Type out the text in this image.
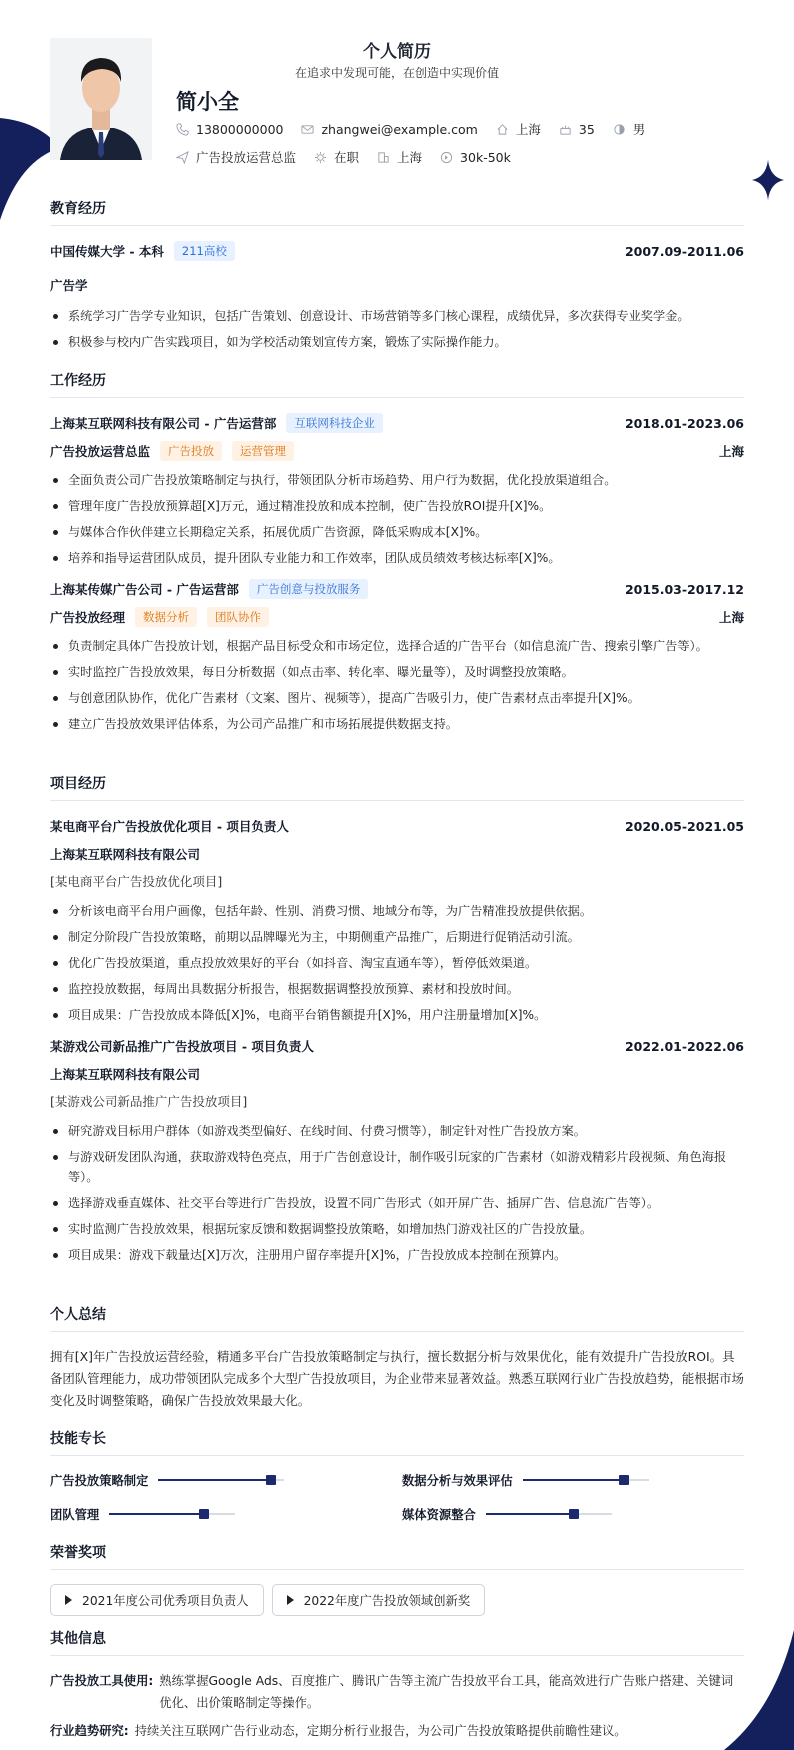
个人简历
在追求中发现可能，在创造中实现价值
简小全
13800000000	zhangwei@example.com	上海	35	男
广告投放运营总监	在职	上海	30k-50k
教育经历
中国传媒大学 - 本科	211高校	2007.09-2011.06
广告学
系统学习广告学专业知识，包括广告策划、创意设计、市场营销等多门核心课程，成绩优异，多次获得专业奖学金。
积极参与校内广告实践项目，如为学校活动策划宣传方案，锻炼了实际操作能力。
工作经历
上海某互联网科技有限公司 - 广告运营部	互联网科技企业	2018.01-2023.06
广告投放运营总监	广告投放	运营管理	上海
全面负责公司广告投放策略制定与执行，带领团队分析市场趋势、用户行为数据，优化投放渠道组合。
管理年度广告投放预算超[X]万元，通过精准投放和成本控制，使广告投放ROI提升[X]%。
与媒体合作伙伴建立长期稳定关系，拓展优质广告资源，降低采购成本[X]%。
培养和指导运营团队成员，提升团队专业能力和工作效率，团队成员绩效考核达标率[X]%。
上海某传媒广告公司 - 广告运营部	广告创意与投放服务	2015.03-2017.12
广告投放经理	数据分析	团队协作	上海
负责制定具体广告投放计划，根据产品目标受众和市场定位，选择合适的广告平台（如信息流广告、搜索引擎广告等）。
实时监控广告投放效果，每日分析数据（如点击率、转化率、曝光量等），及时调整投放策略。
与创意团队协作，优化广告素材（文案、图片、视频等），提高广告吸引力，使广告素材点击率提升[X]%。
建立广告投放效果评估体系，为公司产品推广和市场拓展提供数据支持。
项目经历
某电商平台广告投放优化项目 - 项目负责人	2020.05-2021.05
上海某互联网科技有限公司
[某电商平台广告投放优化项目]
分析该电商平台用户画像，包括年龄、性别、消费习惯、地域分布等，为广告精准投放提供依据。
制定分阶段广告投放策略，前期以品牌曝光为主，中期侧重产品推广，后期进行促销活动引流。
优化广告投放渠道，重点投放效果好的平台（如抖音、淘宝直通车等），暂停低效渠道。
监控投放数据，每周出具数据分析报告，根据数据调整投放预算、素材和投放时间。
项目成果：广告投放成本降低[X]%，电商平台销售额提升[X]%，用户注册量增加[X]%。
某游戏公司新品推广广告投放项目 - 项目负责人	2022.01-2022.06
上海某互联网科技有限公司
[某游戏公司新品推广广告投放项目]
研究游戏目标用户群体（如游戏类型偏好、在线时间、付费习惯等），制定针对性广告投放方案。
与游戏研发团队沟通，获取游戏特色亮点，用于广告创意设计，制作吸引玩家的广告素材（如游戏精彩片段视频、角色海报等）。
选择游戏垂直媒体、社交平台等进行广告投放，设置不同广告形式（如开屏广告、插屏广告、信息流广告等）。
实时监测广告投放效果，根据玩家反馈和数据调整投放策略，如增加热门游戏社区的广告投放量。
项目成果：游戏下载量达[X]万次，注册用户留存率提升[X]%，广告投放成本控制在预算内。
个人总结
拥有[X]年广告投放运营经验，精通多平台广告投放策略制定与执行，擅长数据分析与效果优化，能有效提升广告投放ROI。具备团队管理能力，成功带领团队完成多个大型广告投放项目，为企业带来显著效益。熟悉互联网行业广告投放趋势，能根据市场变化及时调整策略，确保广告投放效果最大化。
技能专长
广告投放策略制定	数据分析与效果评估
团队管理	媒体资源整合
荣誉奖项
2021年度公司优秀项目负责人	2022年度广告投放领域创新奖
其他信息
广告投放工具使用: 熟练掌握Google Ads、百度推广、腾讯广告等主流广告投放平台工具，能高效进行广告账户搭建、关键词优化、出价策略制定等操作。
行业趋势研究: 持续关注互联网广告行业动态，定期分析行业报告，为公司广告投放策略提供前瞻性建议。
